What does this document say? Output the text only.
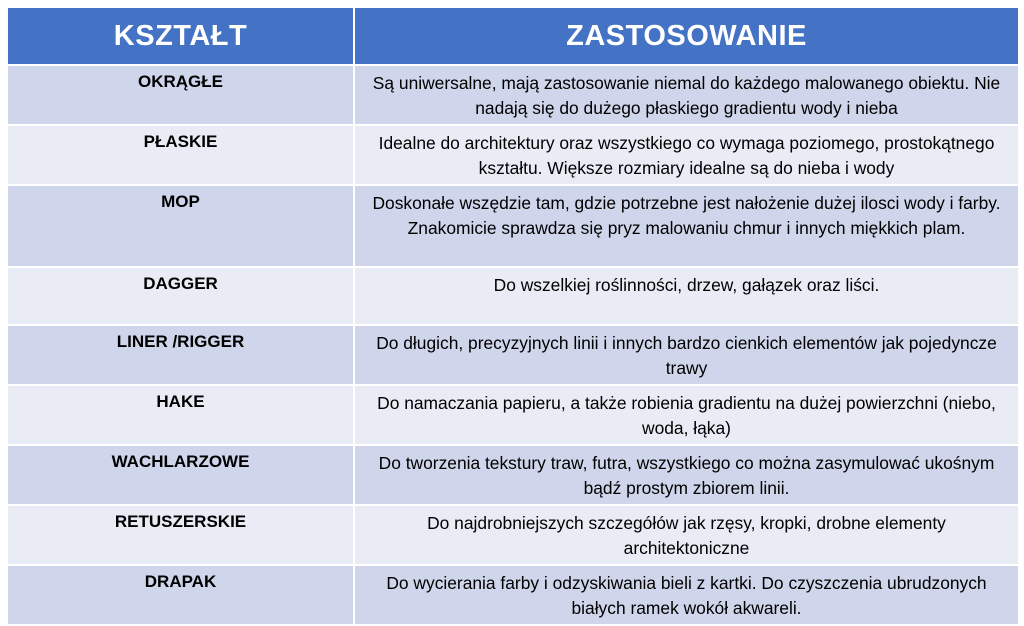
KSZTAŁT	ZASTOSOWANIE
OKRĄGŁE	Są uniwersalne, mają zastosowanie niemal do każdego malowanego obiektu. Nie nadają się do dużego płaskiego gradientu wody i nieba
PŁASKIE	Idealne do architektury oraz wszystkiego co wymaga poziomego, prostokątnego kształtu. Większe rozmiary idealne są do nieba i wody
MOP	Doskonałe wszędzie tam, gdzie potrzebne jest nałożenie dużej ilosci wody i farby. Znakomicie sprawdza się pryz malowaniu chmur i innych miękkich plam.
DAGGER	Do wszelkiej roślinności, drzew, gałązek oraz liści.
LINER /RIGGER	Do długich, precyzyjnych linii i innych bardzo cienkich elementów jak pojedyncze trawy
HAKE	Do namaczania papieru, a także robienia gradientu na dużej powierzchni (niebo, woda, łąka)
WACHLARZOWE	Do tworzenia tekstury traw, futra, wszystkiego co można zasymulować ukośnym bądź prostym zbiorem linii.
RETUSZERSKIE	Do najdrobniejszych szczegółów jak rzęsy, kropki, drobne elementy architektoniczne
DRAPAK	Do wycierania farby i odzyskiwania bieli z kartki. Do czyszczenia ubrudzonych białych ramek wokół akwareli.
